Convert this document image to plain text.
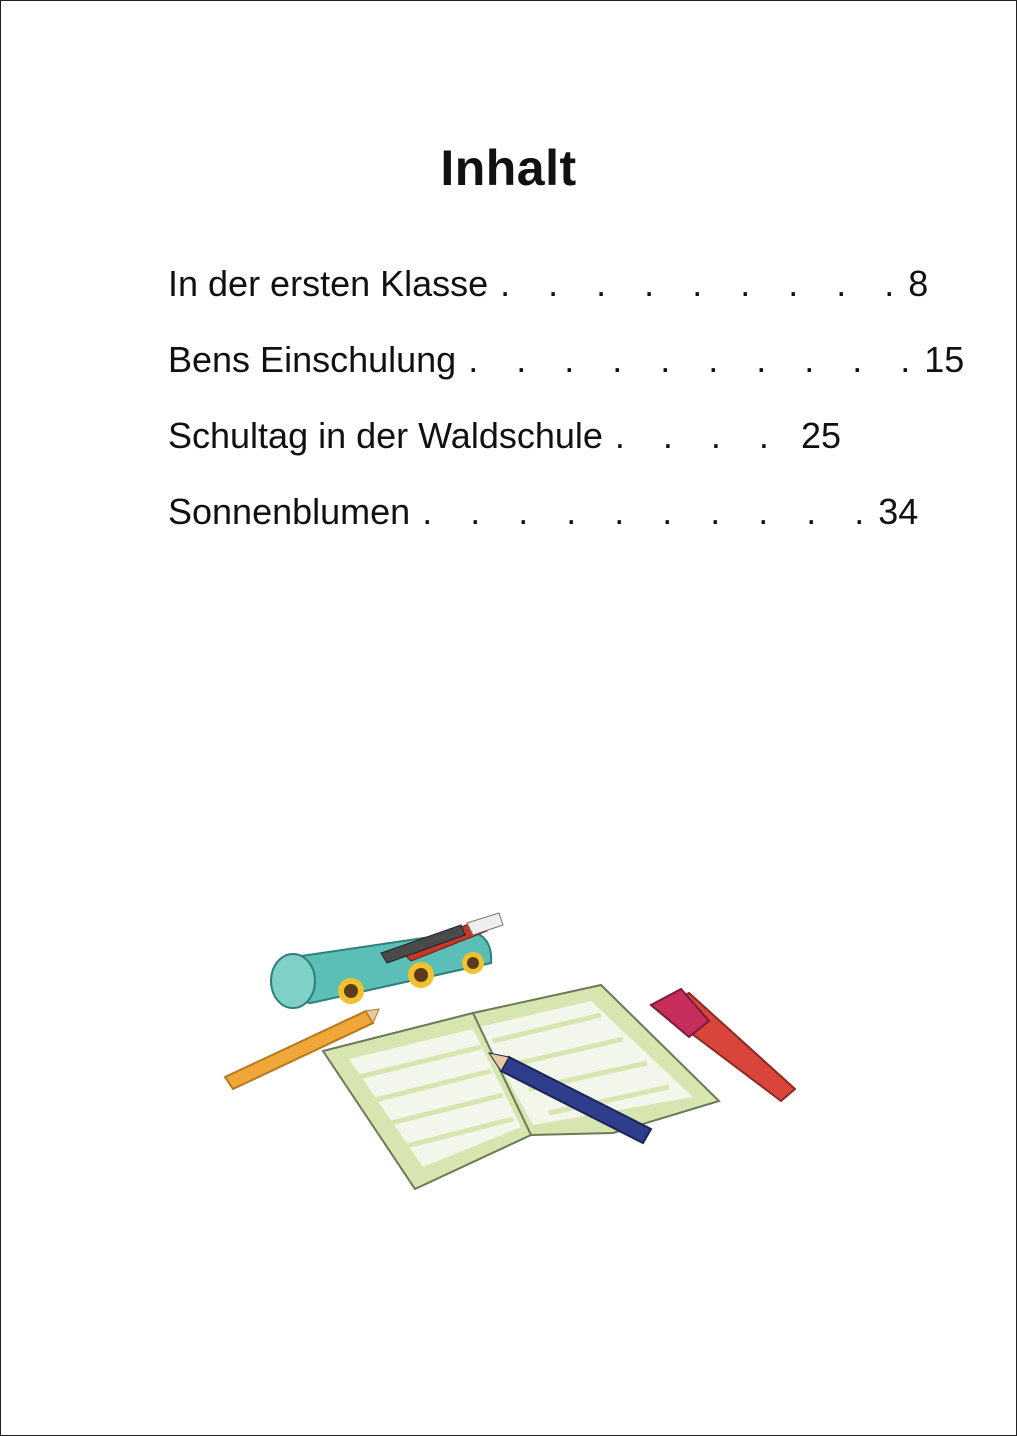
Inhalt
In der ersten Klasse . . . . . . . . . 8
Bens Einschulung . . . . . . . . . . 15
Schultag in der Waldschule . . . . 25
Sonnenblumen . . . . . . . . . . 34
